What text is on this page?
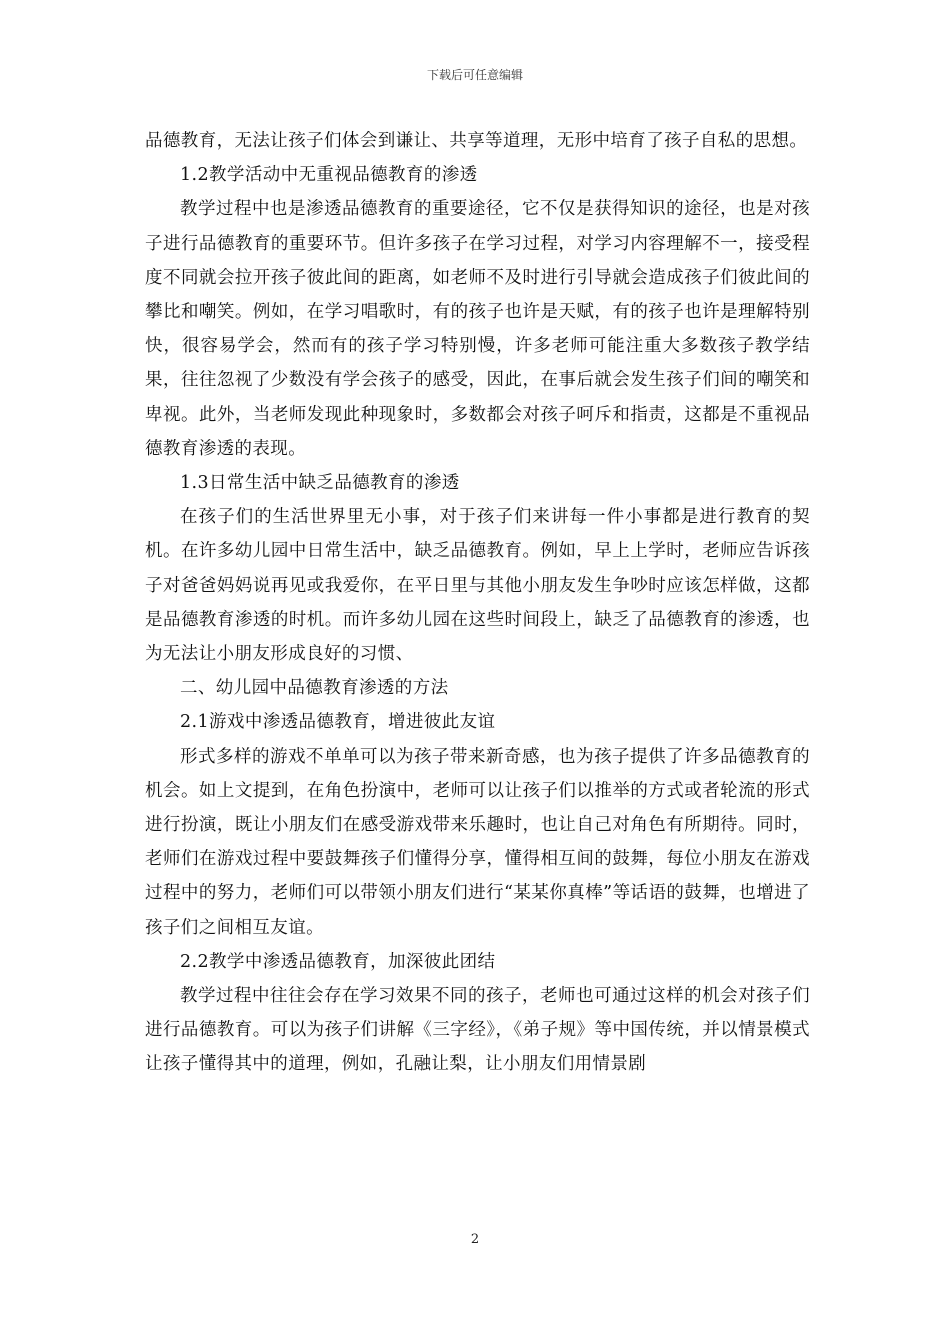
下载后可任意编辑

品德教育，无法让孩子们体会到谦让、共享等道理，无形中培育了孩子自私的思想。

1.2教学活动中无重视品德教育的渗透

教学过程中也是渗透品德教育的重要途径，它不仅是获得知识的途径，也是对孩子进行品德教育的重要环节。但许多孩子在学习过程，对学习内容理解不一，接受程度不同就会拉开孩子彼此间的距离，如老师不及时进行引导就会造成孩子们彼此间的攀比和嘲笑。例如，在学习唱歌时，有的孩子也许是天赋，有的孩子也许是理解特别快，很容易学会，然而有的孩子学习特别慢，许多老师可能注重大多数孩子教学结果，往往忽视了少数没有学会孩子的感受，因此，在事后就会发生孩子们间的嘲笑和卑视。此外，当老师发现此种现象时，多数都会对孩子呵斥和指责，这都是不重视品德教育渗透的表现。

1.3日常生活中缺乏品德教育的渗透

在孩子们的生活世界里无小事，对于孩子们来讲每一件小事都是进行教育的契机。在许多幼儿园中日常生活中，缺乏品德教育。例如，早上上学时，老师应告诉孩子对爸爸妈妈说再见或我爱你，在平日里与其他小朋友发生争吵时应该怎样做，这都是品德教育渗透的时机。而许多幼儿园在这些时间段上，缺乏了品德教育的渗透，也为无法让小朋友形成良好的习惯、

二、幼儿园中品德教育渗透的方法

2.1游戏中渗透品德教育，增进彼此友谊

形式多样的游戏不单单可以为孩子带来新奇感，也为孩子提供了许多品德教育的机会。如上文提到，在角色扮演中，老师可以让孩子们以推举的方式或者轮流的形式进行扮演，既让小朋友们在感受游戏带来乐趣时，也让自己对角色有所期待。同时，老师们在游戏过程中要鼓舞孩子们懂得分享，懂得相互间的鼓舞，每位小朋友在游戏过程中的努力，老师们可以带领小朋友们进行“某某你真棒”等话语的鼓舞，也增进了孩子们之间相互友谊。

2.2教学中渗透品德教育，加深彼此团结

教学过程中往往会存在学习效果不同的孩子，老师也可通过这样的机会对孩子们进行品德教育。可以为孩子们讲解《三字经》，《弟子规》等中国传统，并以情景模式让孩子懂得其中的道理，例如，孔融让梨，让小朋友们用情景剧

2
